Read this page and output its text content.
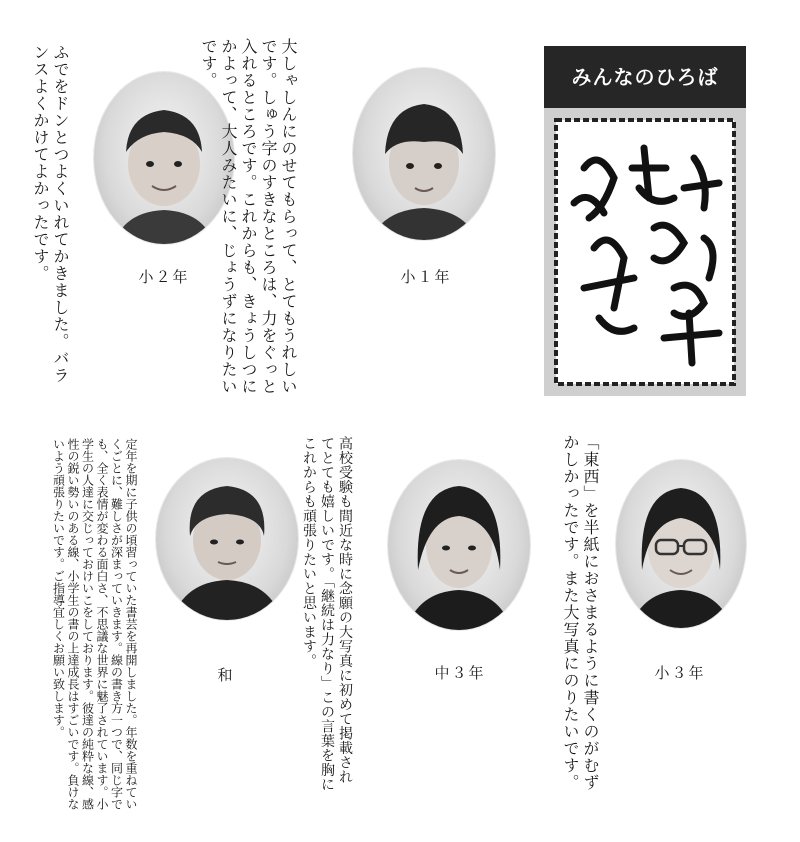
ふでをドンとつよくいれてかきました。バランスよくかけてよかったです。	小２年	大しゃしんにのせてもらって、とてもうれしいです。しゅう字のすきなところは、力をぐっと入れるところです。これからも、きょうしつにかよって、大人みたいに、じょうずになりたいです。
小１年
みんなのひろば
定年を期に子供の頃習っていた書芸を再開しました。年数を重ねていくごとに、難しさが深まっていきます。線の書き方一つで、同じ字でも、全く表情が変わる面白さ、不思議な世界に魅了されています。小学生の人達に交じっておけいこをしております。彼達の純粋な線、感性の鋭い勢いのある線、小学生の書の上達成長はすごいです。負けないよう頑張りたいです。ご指導宜しくお願い致します。	和	高校受験も間近な時に念願の大写真に初めて掲載されてとても嬉しいです。「継続は力なり」この言葉を胸にこれからも頑張りたいと思います。
中３年	「東西」を半紙におさまるように書くのがむずかしかったです。また大写真にのりたいです。	小３年
